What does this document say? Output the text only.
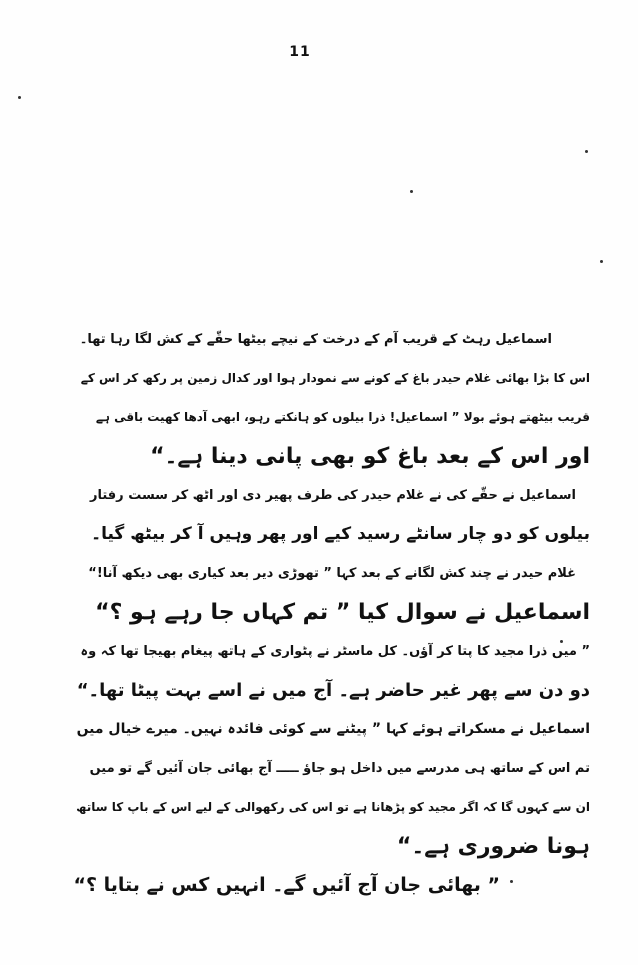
11
اسماعیل رہٹ کے قریب آم کے درخت کے نیچے بیٹھا حقّے کے کش لگا رہا تھا۔
اس کا بڑا بھائی غلام حیدر باغ کے کونے سے نمودار ہوا اور کدال زمین پر رکھ کر اس کے
قریب بیٹھتے ہوئے بولا ” اسماعیل! ذرا بیلوں کو ہانکتے رہو، ابھی آدھا کھیت باقی ہے
اور اس کے بعد باغ کو بھی پانی دینا ہے۔“
اسماعیل نے حقّے کی نے غلام حیدر کی طرف پھیر دی اور اٹھ کر سست رفتار
بیلوں کو دو چار سانٹے رسید کیے اور پھر وہیں آ کر بیٹھ گیا۔
غلام حیدر نے چند کش لگانے کے بعد کہا ” تھوڑی دیر بعد کیاری بھی دیکھ آنا!“
اسماعیل نے سوال کیا ” تم کہاں جا رہے ہو ؟“
” میں ذرا مجید کا پتا کر آؤں۔ کل ماسٹر نے پٹواری کے ہاتھ پیغام بھیجا تھا کہ وہ
دو دن سے پھر غیر حاضر ہے۔ آج میں نے اسے بہت پیٹا تھا۔“
اسماعیل نے مسکراتے ہوئے کہا ” پیٹنے سے کوئی فائدہ نہیں۔ میرے خیال میں
تم اس کے ساتھ ہی مدرسے میں داخل ہو جاؤ ـــــ آج بھائی جان آئیں گے تو میں
ان سے کہوں گا کہ اگر مجید کو پڑھانا ہے تو اس کی رکھوالی کے لیے اس کے باپ کا ساتھ
ہونا ضروری ہے۔“
” بھائی جان آج آئیں گے۔ انہیں کس نے بتایا ؟“
